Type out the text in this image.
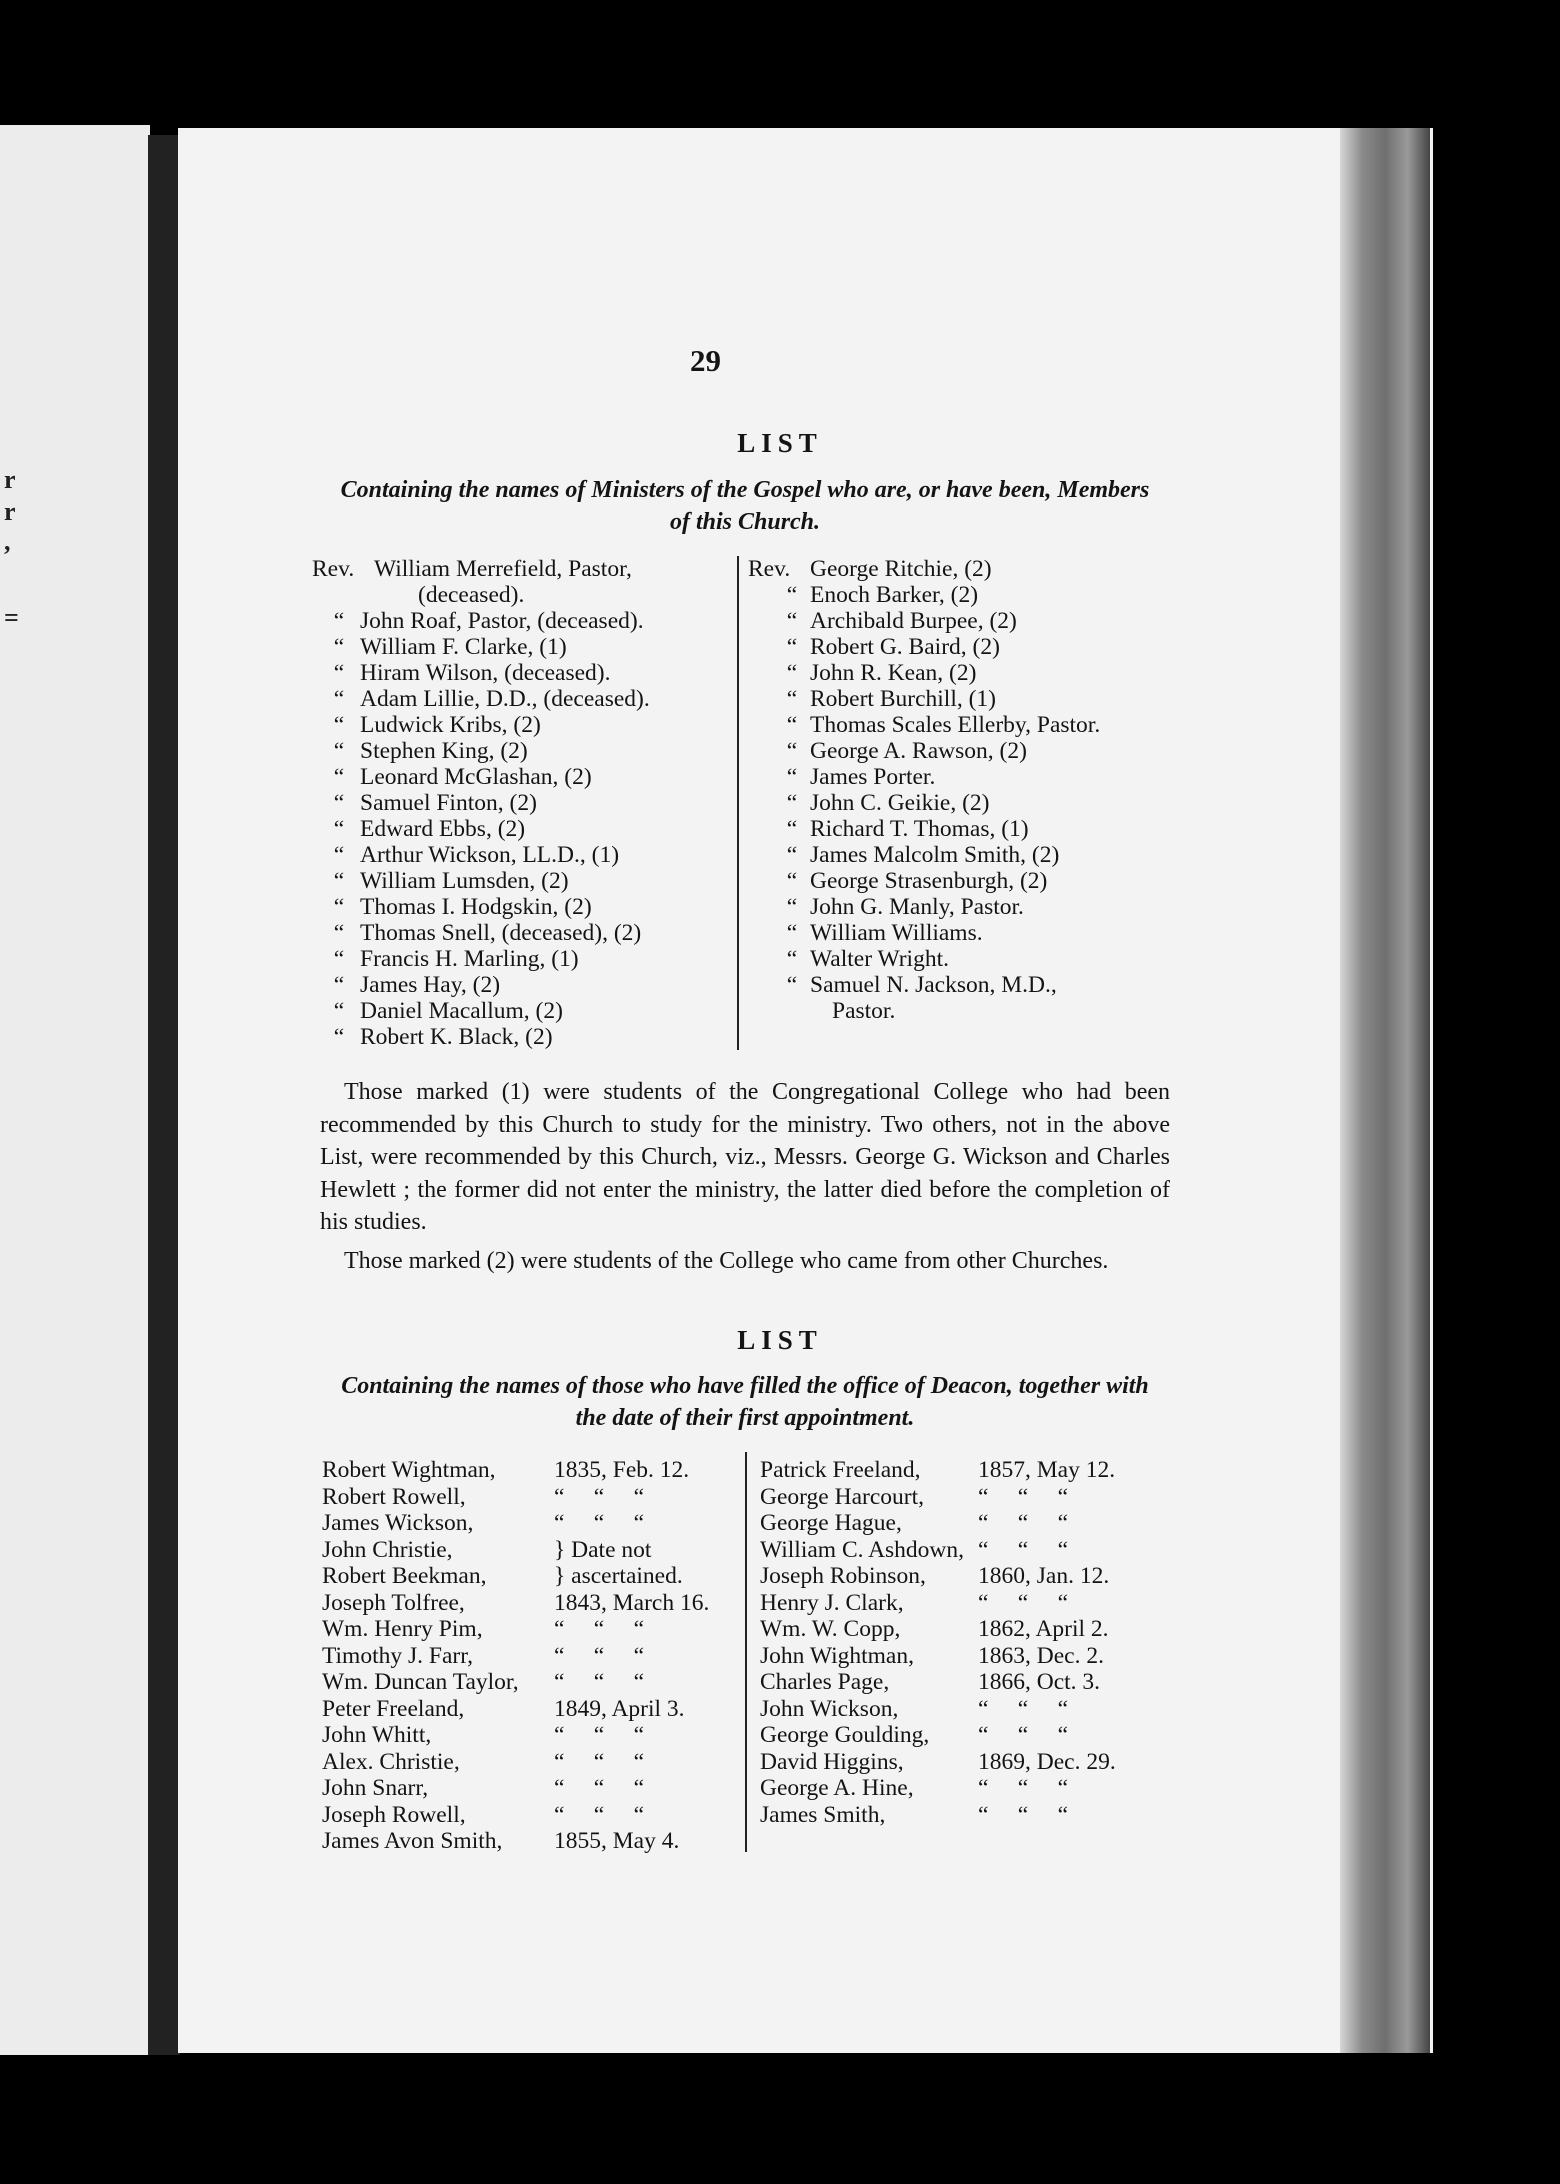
r
r
,
=
29
LIST
Containing the names of Ministers of the Gospel who are, or have been, Members
of this Church.
Rev. William Merrefield, Pastor,
(deceased).
“ John Roaf, Pastor, (deceased).
“ William F. Clarke, (1)
“ Hiram Wilson, (deceased).
“ Adam Lillie, D.D., (deceased).
“ Ludwick Kribs, (2)
“ Stephen King, (2)
“ Leonard McGlashan, (2)
“ Samuel Finton, (2)
“ Edward Ebbs, (2)
“ Arthur Wickson, LL.D., (1)
“ William Lumsden, (2)
“ Thomas I. Hodgskin, (2)
“ Thomas Snell, (deceased), (2)
“ Francis H. Marling, (1)
“ James Hay, (2)
“ Daniel Macallum, (2)
“ Robert K. Black, (2)
Rev. George Ritchie, (2)
“ Enoch Barker, (2)
“ Archibald Burpee, (2)
“ Robert G. Baird, (2)
“ John R. Kean, (2)
“ Robert Burchill, (1)
“ Thomas Scales Ellerby, Pastor.
“ George A. Rawson, (2)
“ James Porter.
“ John C. Geikie, (2)
“ Richard T. Thomas, (1)
“ James Malcolm Smith, (2)
“ George Strasenburgh, (2)
“ John G. Manly, Pastor.
“ William Williams.
“ Walter Wright.
“ Samuel N. Jackson, M.D.,
Pastor.

Those marked (1) were students of the Congregational College who had been recommended by this Church to study for the ministry. Two others, not in the above List, were recommended by this Church, viz., Messrs. George G. Wickson and Charles Hewlett ; the former did not enter the ministry, the latter died before the completion of his studies.

Those marked (2) were students of the College who came from other Churches.

LIST
Containing the names of those who have filled the office of Deacon, together with
the date of their first appointment.
Robert Wightman, 1835, Feb. 12.
Robert Rowell,	“     “     “
James Wickson,	“     “     “
John Christie,	} Date not
Robert Beekman,	} ascertained.
Joseph Tolfree,	1843, March 16.
Wm. Henry Pim,	“     “     “
Timothy J. Farr,	“     “     “
Wm. Duncan Taylor, “     “     “
Peter Freeland,	1849, April 3.
John Whitt,	“     “     “
Alex. Christie,	“     “     “
John Snarr,	“     “     “
Joseph Rowell,	“     “     “
James Avon Smith, 1855, May 4.
Patrick Freeland, 1857, May 12.
George Harcourt, “     “     “
George Hague,	“     “     “
William C. Ashdown, “     “     “
Joseph Robinson, 1860, Jan. 12.
Henry J. Clark,	“     “     “
Wm. W. Copp,	1862, April 2.
John Wightman,	1863, Dec. 2.
Charles Page,	1866, Oct. 3.
John Wickson,	“     “     “
George Goulding, “     “     “
David Higgins,	1869, Dec. 29.
George A. Hine,	“     “     “
James Smith,	“     “     “
